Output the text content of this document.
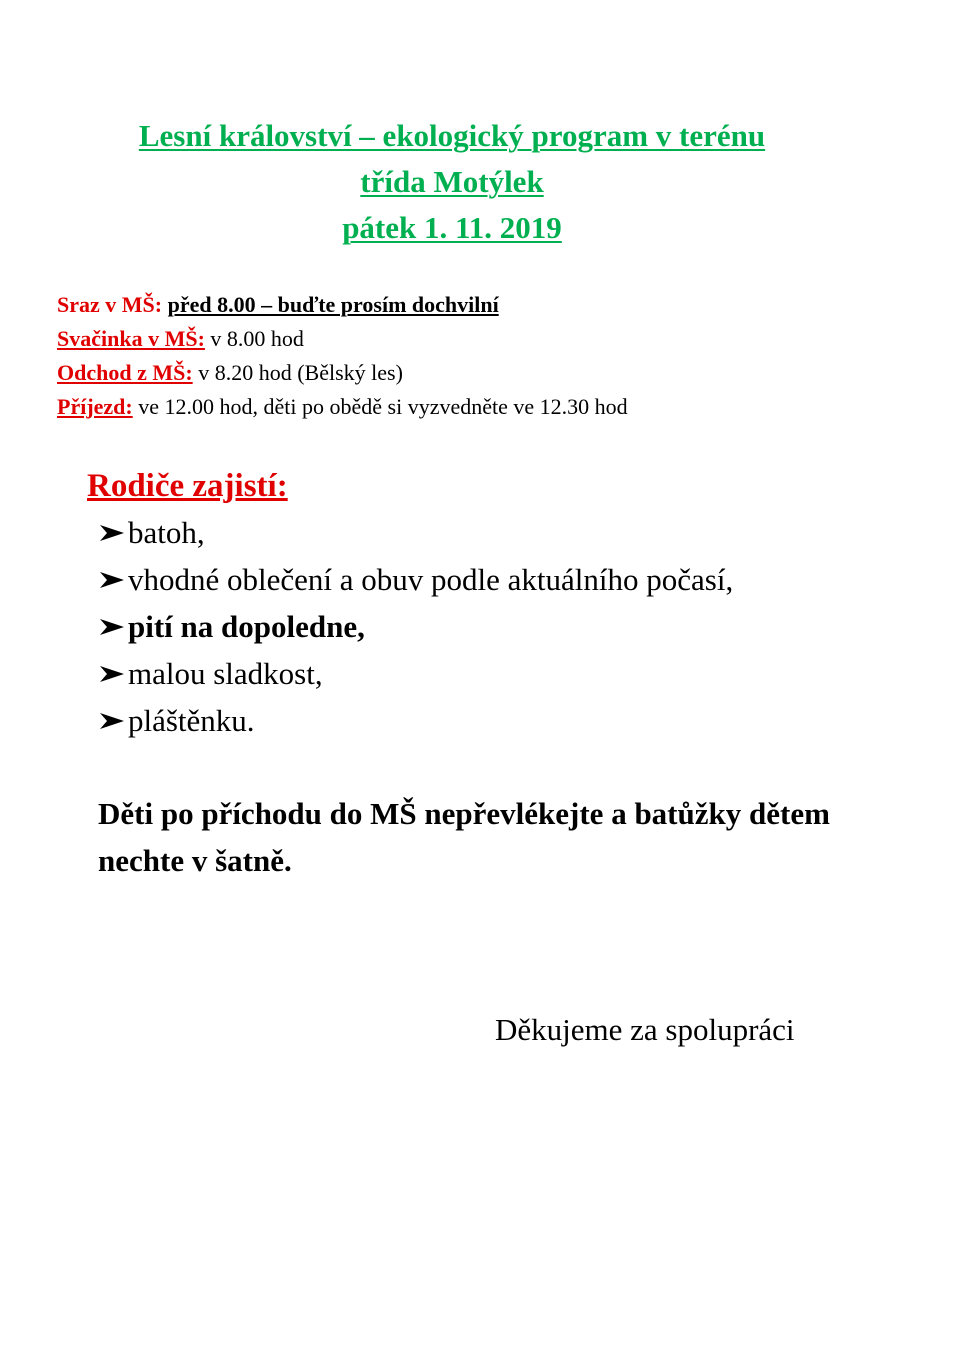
Lesní království – ekologický program v terénu
třída Motýlek
pátek 1. 11. 2019
Sraz v MŠ: před 8.00 – buďte prosím dochvilní
Svačinka v MŠ: v 8.00 hod
Odchod z MŠ: v 8.20 hod (Bělský les)
Příjezd: ve 12.00 hod, děti po obědě si vyzvedněte ve 12.30 hod
Rodiče zajistí:
batoh,
vhodné oblečení a obuv podle aktuálního počasí,
pití na dopoledne,
malou sladkost,
pláštěnku.
Děti po příchodu do MŠ nepřevlékejte a batůžky dětem nechte v šatně.
Děkujeme za spolupráci
